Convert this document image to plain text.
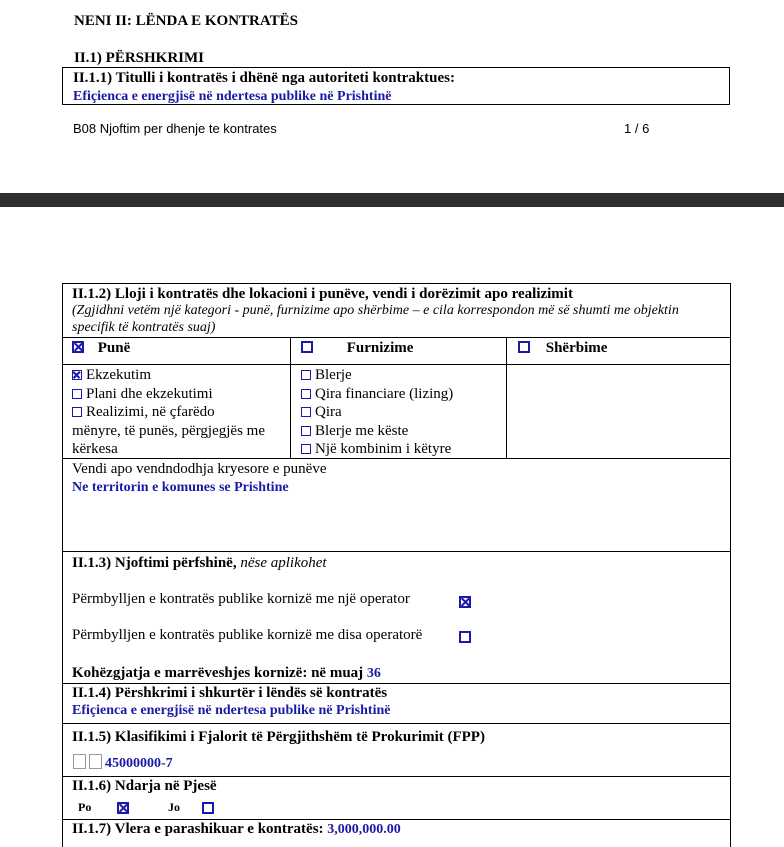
NENI II: LËNDA E KONTRATËS
II.1) PËRSHKRIMI
II.1.1) Titulli i kontratës i dhënë nga autoriteti kontraktues:
Efiçienca e energjisë në ndertesa publike në Prishtinë
B08 Njoftim per dhenje te kontrates	1 / 6
II.1.2) Lloji i kontratës dhe lokacioni i punëve, vendi i dorëzimit apo realizimit
(Zgjidhni vetëm një kategori - punë, furnizime apo shërbime – e cila korrespondon më së shumti me objektin
specifik të kontratës suaj)
Punë	Furnizime	Shërbime
Ekzekutim
Plani dhe ekzekutimi
Realizimi, në çfarëdo
mënyre, të punës, përgjegjës me
kërkesa
Blerje
Qira financiare (lizing)
Qira
Blerje me këste
Një kombinim i këtyre
Vendi apo vendndodhja kryesore e punëve
Ne territorin e komunes se Prishtine
II.1.3) Njoftimi përfshinë, nëse aplikohet
Përmbylljen e kontratës publike kornizë me një operator
Përmbylljen e kontratës publike kornizë me disa operatorë
Kohëzgjatja e marrëveshjes kornizë: në muaj 36
II.1.4) Përshkrimi i shkurtër i lëndës së kontratës
Efiçienca e energjisë në ndertesa publike në Prishtinë
II.1.5) Klasifikimi i Fjalorit të Përgjithshëm të Prokurimit (FPP)
45000000-7
II.1.6) Ndarja në Pjesë
Po	Jo
II.1.7) Vlera e parashikuar e kontratës: 3,000,000.00
